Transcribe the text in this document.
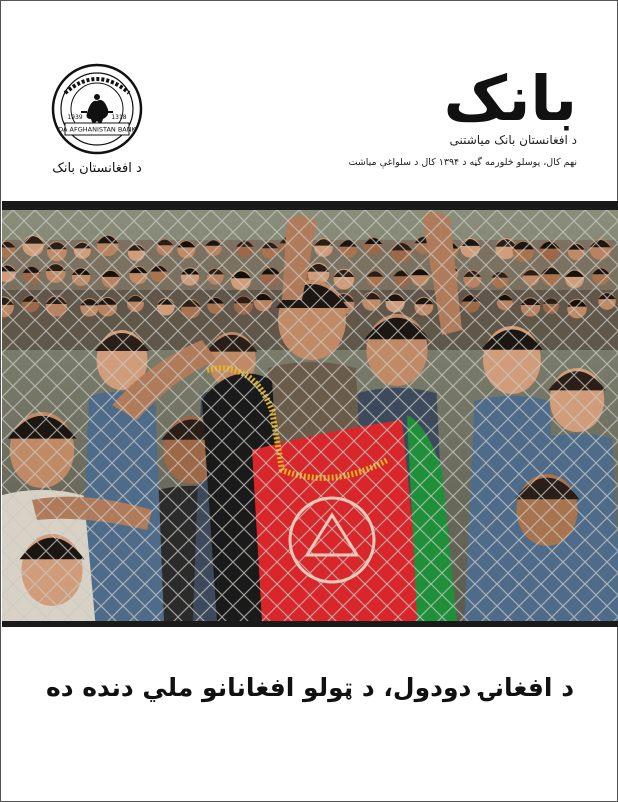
بانک
د افغانستان بانک میاشتنی
نهم کال، پوسلو څلورمه گڼه د ۱۳۹۴ کال د سلواغې میاشت
DA AFGHANISTAN BANK
1939	1318
د افغانستان بانک
د افغانۍ دودول، د ټولو افغانانو ملي دنده ده
